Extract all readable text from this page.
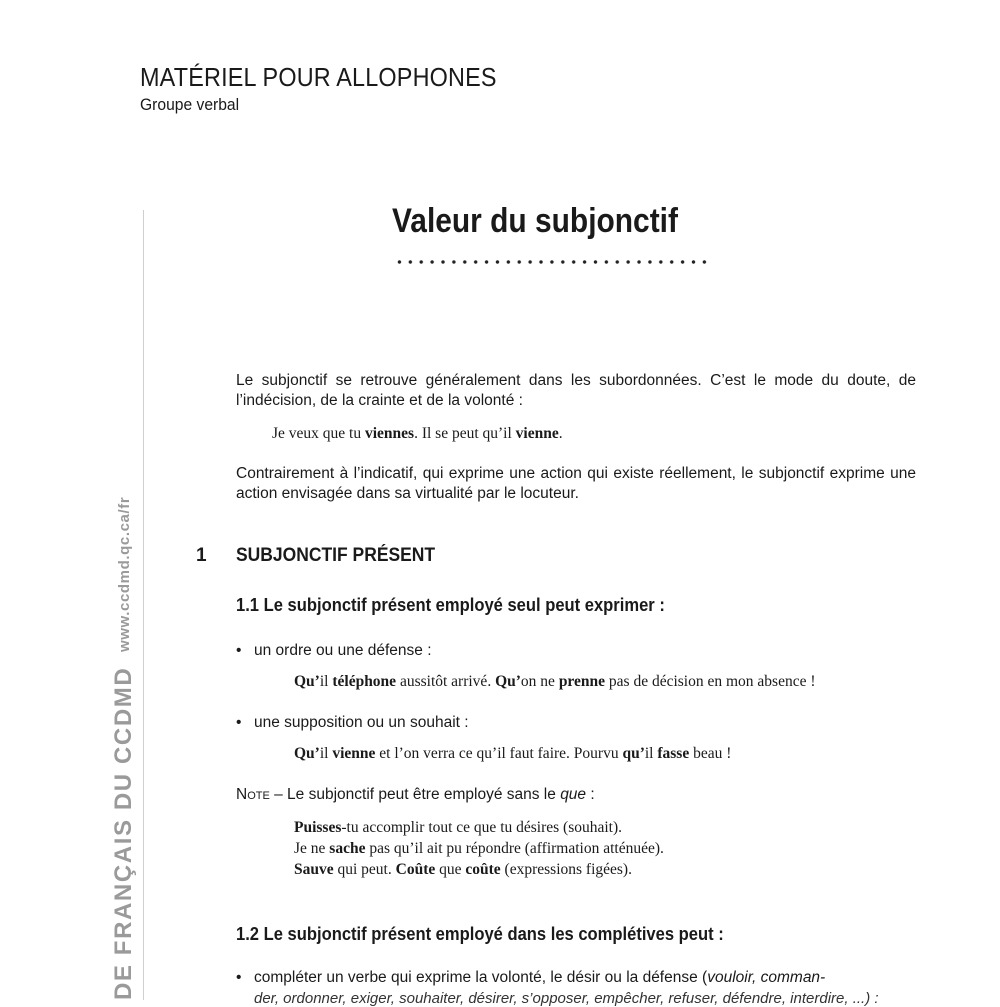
MATÉRIEL POUR ALLOPHONES
Groupe verbal
www.ccdmd.qc.ca/fr
DE FRANÇAIS DU CCDMD
Valeur du subjonctif
Le subjonctif se retrouve généralement dans les subordonnées. C’est le mode du doute, de l’indécision, de la crainte et de la volonté :
Je veux que tu viennes. Il se peut qu’il vienne.
Contrairement à l’indicatif, qui exprime une action qui existe réellement, le subjonctif exprime une action envisagée dans sa virtualité par le locuteur.
1 SUBJONCTIF PRÉSENT
1.1 Le subjonctif présent employé seul peut exprimer :
• un ordre ou une défense :
Qu’il téléphone aussitôt arrivé. Qu’on ne prenne pas de décision en mon absence !
• une supposition ou un souhait :
Qu’il vienne et l’on verra ce qu’il faut faire. Pourvu qu’il fasse beau !
Note – Le subjonctif peut être employé sans le que :
Puisses-tu accomplir tout ce que tu désires (souhait).
Je ne sache pas qu’il ait pu répondre (affirmation atténuée).
Sauve qui peut. Coûte que coûte (expressions figées).
1.2 Le subjonctif présent employé dans les complétives peut :
• compléter un verbe qui exprime la volonté, le désir ou la défense (vouloir, comman-
der, ordonner, exiger, souhaiter, désirer, s’opposer, empêcher, refuser, défendre, interdire, ...) :
